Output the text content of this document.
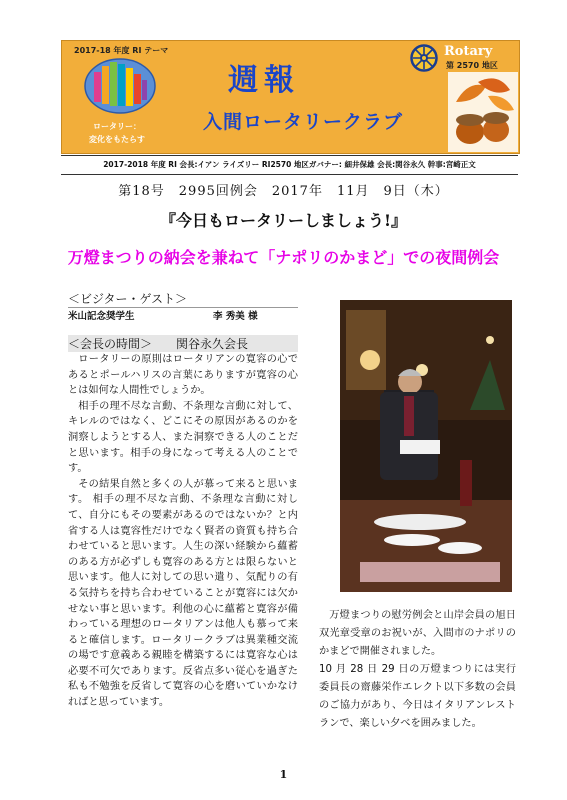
2017-18 年度 RI テーマ
ロータリー：
変化をもたらす
週報
入間ロータリークラブ
Rotary
第 2570 地区
2017-2018 年度 RI 会長:イアン ライズリー RI2570 地区ガバナー: 細井保雄 会長:関谷永久 幹事:宮崎正文
第18号　2995回例会　2017年　11月　9日（木）
『今日もロータリーしましょう!』
万燈まつりの納会を兼ねて「ナポリのかまど」での夜間例会
＜ビジター・ゲスト＞
米山記念奨学生	李 秀美 様
＜会長の時間＞ 関谷永久会長

ロータリーの原則はロータリアンの寛容の心であるとポールハリスの言葉にありますが寛容の心とは如何な人間性でしょうか。

相手の理不尽な言動、不条理な言動に対して、キレルのではなく、どこにその原因があるのかを洞察しようとする人、また洞察できる人のことだと思います。相手の身になって考える人のことです。

その結果自然と多くの人が慕って来ると思います。 相手の理不尽な言動、不条理な言動に対して、自分にもその要素があるのではないか？と内省する人は寛容性だけでなく賢者の資質も持ち合わせていると思います。人生の深い経験から蘊蓄のある方が必ずしも寛容のある方とは限らないと思います。他人に対しての思い遣り、気配りの有る気持ちを持ち合わせていることが寛容には欠かせない事と思います。利他の心に蘊蓄と寛容が備わっている理想のロータリアンは他人も慕って来ると確信します。ロータリークラブは異業種交流の場です意義ある親睦を構築するには寛容な心は必要不可欠であります。反省点多い従心を過ぎた私も不勉強を反省して寛容の心を磨いていかなければと思っています。

万燈まつりの慰労例会と山岸会員の旭日双光章受章のお祝いが、入間市のナポリのかまどで開催されました。

10 月 28 日 29 日の万燈まつりには実行委員長の齋藤栄作エレクト以下多数の会員のご協力があり、今日はイタリアンレストランで、楽しい夕べを囲みました。

1
